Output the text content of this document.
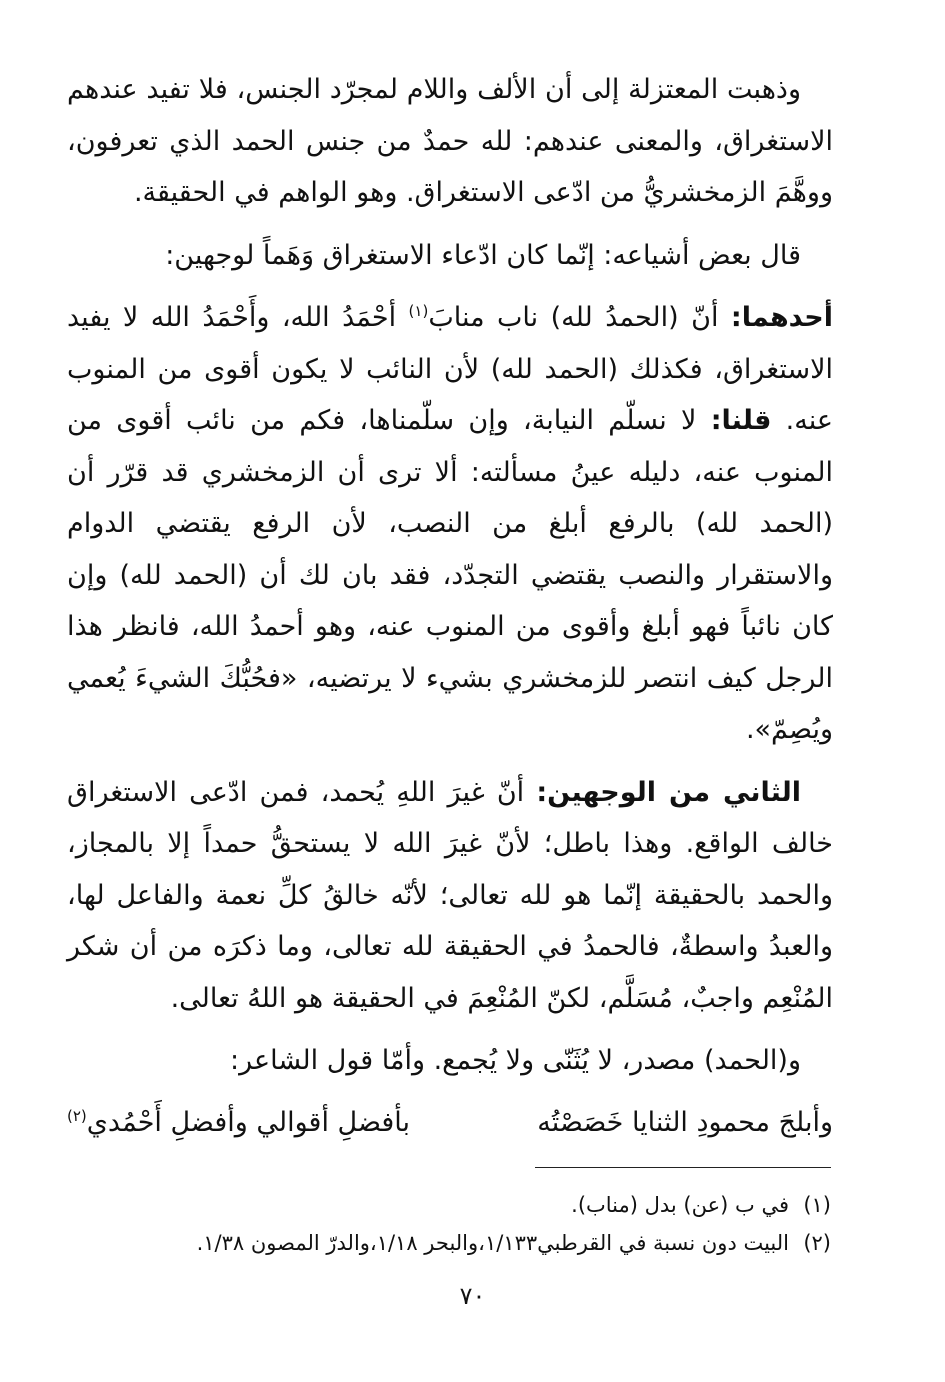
وذهبت المعتزلة إلى أن الألف واللام لمجرّد الجنس، فلا تفيد عندهم الاستغراق، والمعنى عندهم: لله حمدٌ من جنس الحمد الذي تعرفون، ووهَّمَ الزمخشريُّ من ادّعى الاستغراق. وهو الواهم في الحقيقة.

قال بعض أشياعه: إنّما كان ادّعاء الاستغراق وَهَماً لوجهين:

أحدهما: أنّ (الحمدُ لله) ناب منابَ$^{(١)}$ أحْمَدُ الله، وأَحْمَدُ الله لا يفيد الاستغراق، فكذلك (الحمد لله) لأن النائب لا يكون أقوى من المنوب عنه. قلنا: لا نسلّم النيابة، وإن سلّمناها، فكم من نائب أقوى من المنوب عنه، دليله عينُ مسألته: ألا ترى أن الزمخشري قد قرّر أن (الحمد لله) بالرفع أبلغ من النصب، لأن الرفع يقتضي الدوام والاستقرار والنصب يقتضي التجدّد، فقد بان لك أن (الحمد لله) وإن كان نائباً فهو أبلغ وأقوى من المنوب عنه، وهو أحمدُ الله، فانظر هذا الرجل كيف انتصر للزمخشري بشيء لا يرتضيه، «فحُبُّكَ الشيءَ يُعمي ويُصِمّ».

الثاني من الوجهين: أنّ غيرَ اللهِ يُحمد، فمن ادّعى الاستغراق خالف الواقع. وهذا باطل؛ لأنّ غيرَ الله لا يستحقُّ حمداً إلا بالمجاز، والحمد بالحقيقة إنّما هو لله تعالى؛ لأنّه خالقُ كلِّ نعمة والفاعل لها، والعبدُ واسطةٌ، فالحمدُ في الحقيقة لله تعالى، وما ذكرَه من أن شكر المُنْعِم واجبٌ، مُسَلَّم، لكنّ المُنْعِمَ في الحقيقة هو اللهُ تعالى.

و(الحمد) مصدر، لا يُثَنّى ولا يُجمع. وأمّا قول الشاعر:

وأبلجَ محمودِ الثنايا خَصَصْتُه
بأفضلِ أقوالي وأفضلِ أَحْمُدي$^{(٢)}$

(١)في ب (عن) بدل (مناب).

(٢)البيت دون نسبة في القرطبي١/١٣٣،والبحر ١/١٨،والدرّ المصون ١/٣٨.

٧٠
